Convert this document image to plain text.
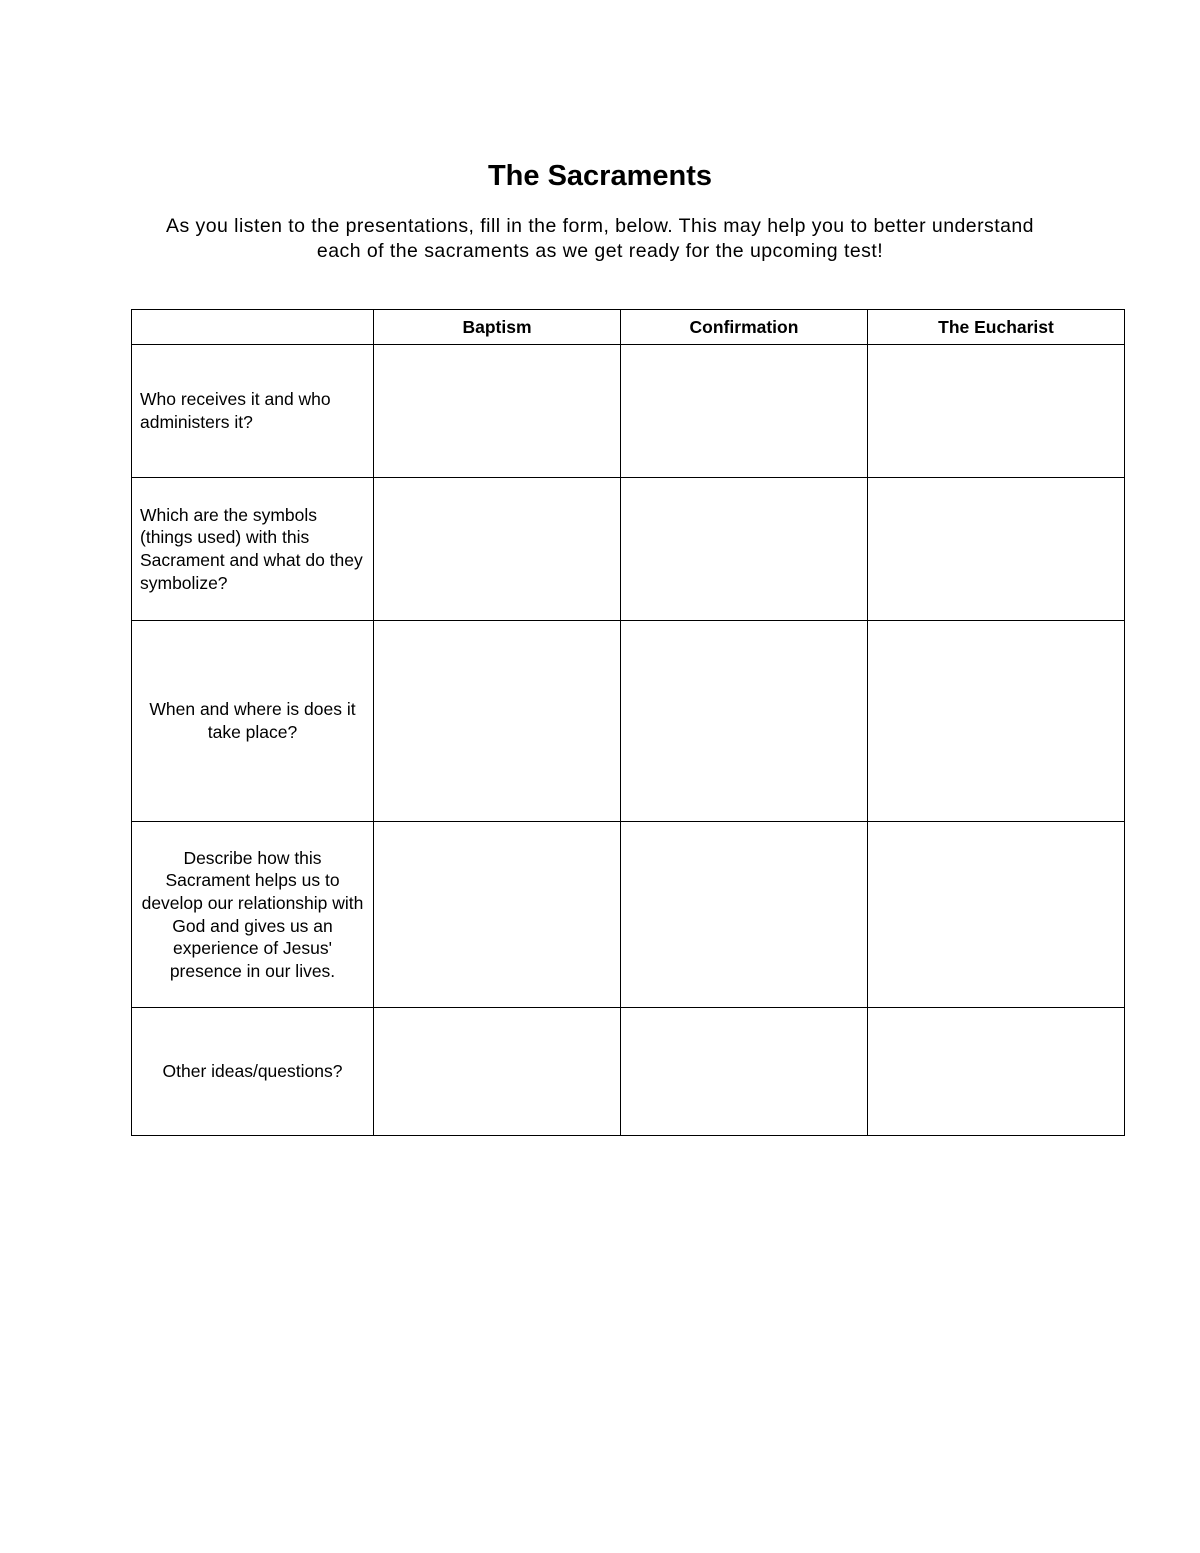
The Sacraments

As you listen to the presentations, fill in the form, below. This may help you to better understand
each of the sacraments as we get ready for the upcoming test!

	Baptism	Confirmation	The Eucharist
Who receives it and who administers it?			
Which are the symbols (things used) with this Sacrament and what do they symbolize?			
When and where is does it take place?			
Describe how this Sacrament helps us to develop our relationship with God and gives us an experience of Jesus' presence in our lives.			
Other ideas/questions?			
